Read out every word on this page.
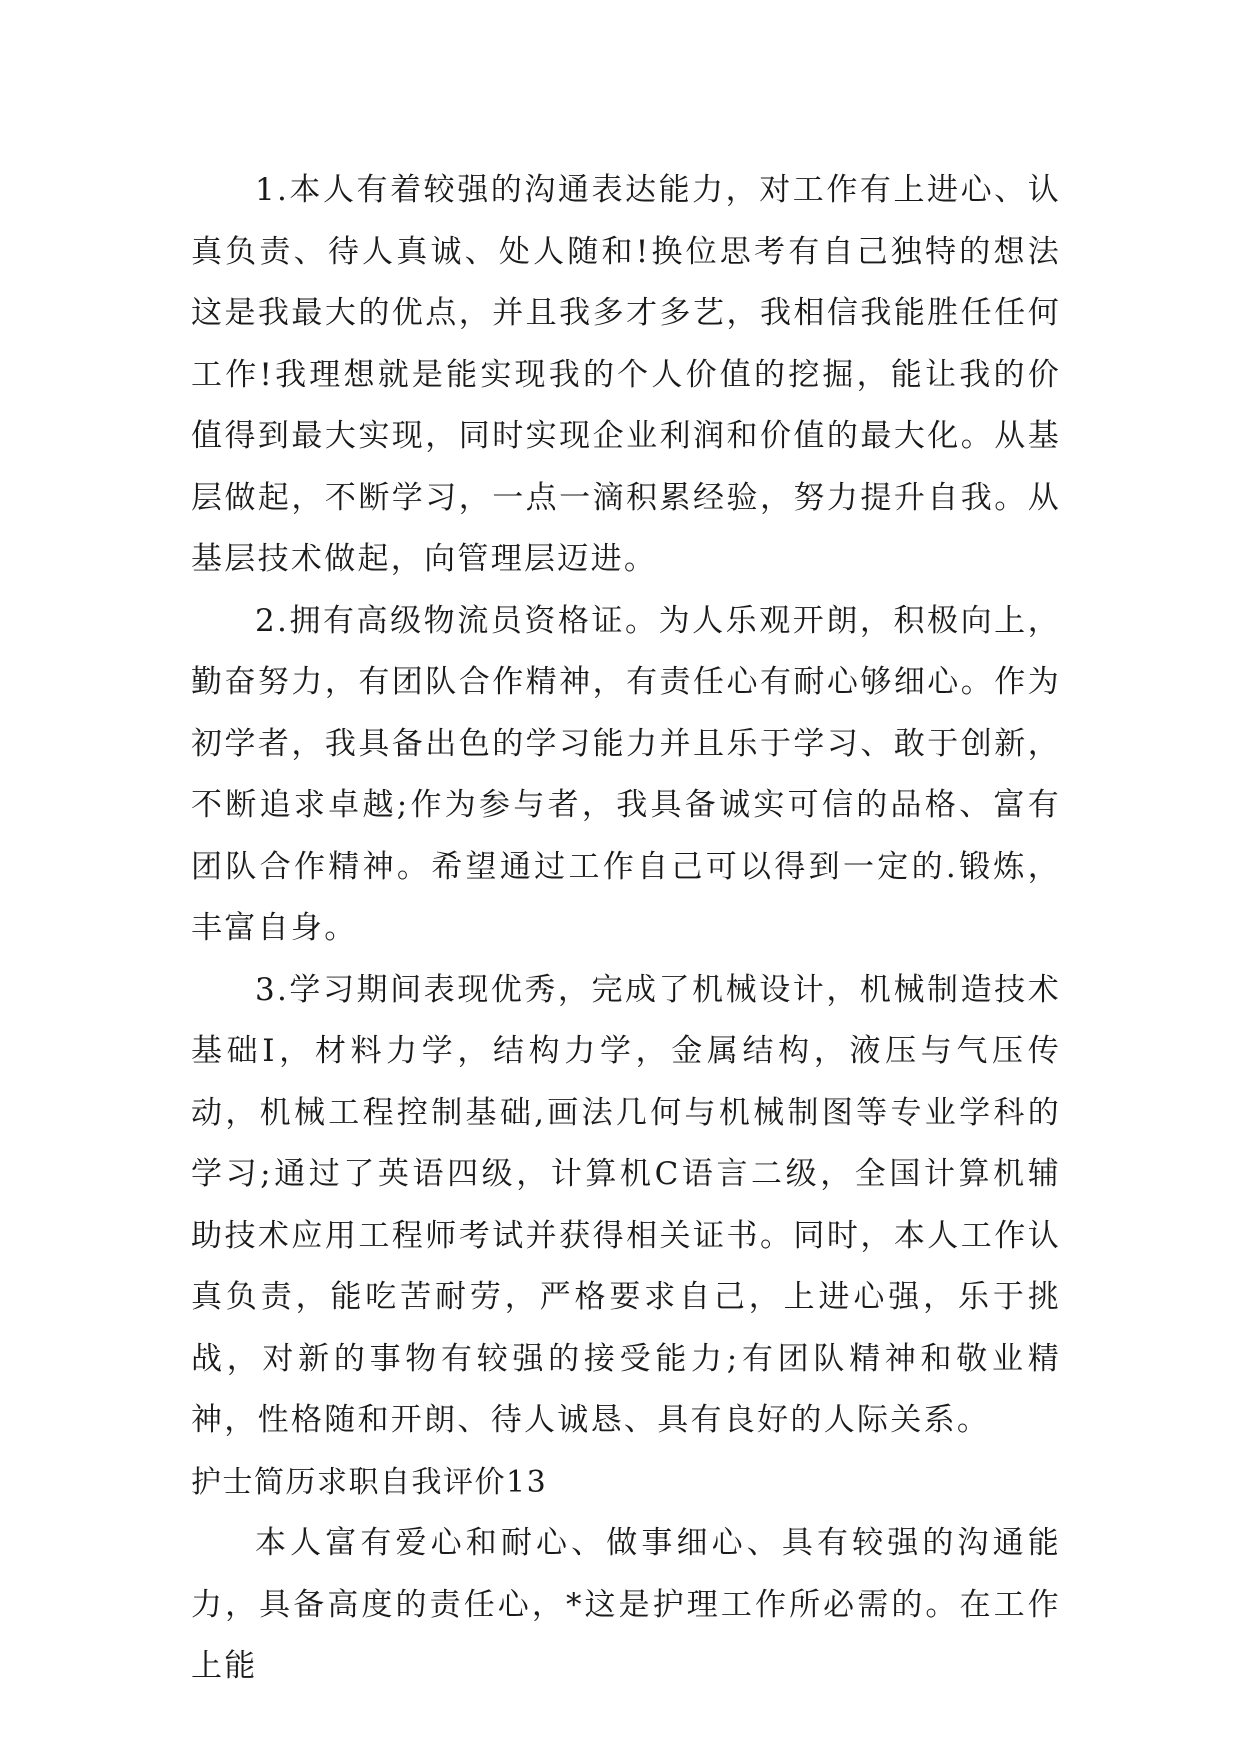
1.本人有着较强的沟通表达能力，对工作有上进心、认真负责、待人真诚、处人随和!换位思考有自己独特的想法这是我最大的优点，并且我多才多艺，我相信我能胜任任何工作!我理想就是能实现我的个人价值的挖掘，能让我的价值得到最大实现，同时实现企业利润和价值的最大化。从基层做起，不断学习，一点一滴积累经验，努力提升自我。从基层技术做起，向管理层迈进。

2.拥有高级物流员资格证。为人乐观开朗，积极向上，勤奋努力，有团队合作精神，有责任心有耐心够细心。作为初学者，我具备出色的学习能力并且乐于学习、敢于创新，不断追求卓越;作为参与者，我具备诚实可信的品格、富有团队合作精神。希望通过工作自己可以得到一定的.锻炼，丰富自身。

3.学习期间表现优秀，完成了机械设计，机械制造技术基础Ⅰ，材料力学，结构力学，金属结构，液压与气压传动，机械工程控制基础,画法几何与机械制图等专业学科的学习;通过了英语四级，计算机C语言二级，全国计算机辅助技术应用工程师考试并获得相关证书。同时，本人工作认真负责，能吃苦耐劳，严格要求自己，上进心强，乐于挑战，对新的事物有较强的接受能力;有团队精神和敬业精神，性格随和开朗、待人诚恳、具有良好的人际关系。

护士简历求职自我评价13

本人富有爱心和耐心、做事细心、具有较强的沟通能力，具备高度的责任心，*这是护理工作所必需的。在工作上能
